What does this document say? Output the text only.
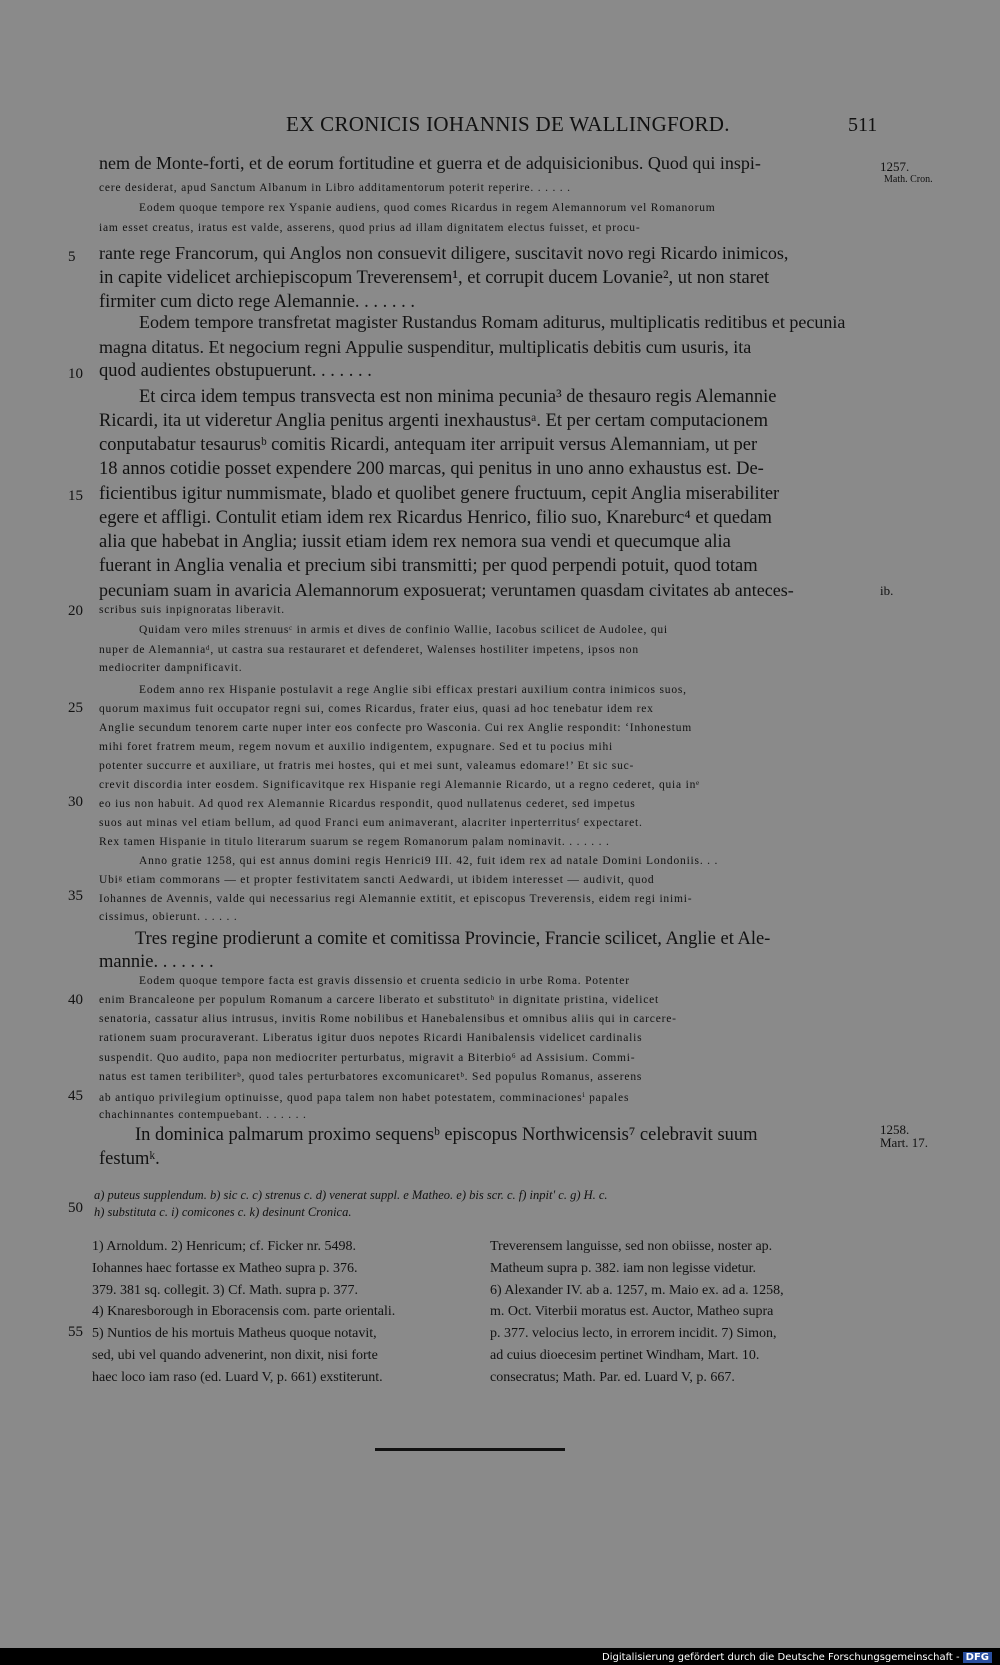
EX CRONICIS IOHANNIS DE WALLINGFORD.	511
nem de Monte-forti, et de eorum fortitudine et guerra et de adquisicionibus. Quod qui inspi-
cere desiderat, apud Sanctum Albanum in Libro additamentorum poterit reperire. . . . . .
Eodem quoque tempore rex Yspanie audiens, quod comes Ricardus in regem Alemannorum vel Romanorum
iam esset creatus, iratus est valde, asserens, quod prius ad illam dignitatem electus fuisset, et procu-
rante rege Francorum, qui Anglos non consuevit diligere, suscitavit novo regi Ricardo inimicos,
in capite videlicet archiepiscopum Treverensem¹, et corrupit ducem Lovanie², ut non staret
firmiter cum dicto rege Alemannie. . . . . . .
Eodem tempore transfretat magister Rustandus Romam aditurus, multiplicatis reditibus et pecunia
magna ditatus. Et negocium regni Appulie suspenditur, multiplicatis debitis cum usuris, ita
quod audientes obstupuerunt. . . . . . .
Et circa idem tempus transvecta est non minima pecunia³ de thesauro regis Alemannie
Ricardi, ita ut videretur Anglia penitus argenti inexhaustusᵃ. Et per certam computacionem
conputabatur tesaurusᵇ comitis Ricardi, antequam iter arripuit versus Alemanniam, ut per
18 annos cotidie posset expendere 200 marcas, qui penitus in uno anno exhaustus est. De-
ficientibus igitur nummismate, blado et quolibet genere fructuum, cepit Anglia miserabiliter
egere et affligi. Contulit etiam idem rex Ricardus Henrico, filio suo, Knareburc⁴ et quedam
alia que habebat in Anglia; iussit etiam idem rex nemora sua vendi et quecumque alia
fuerant in Anglia venalia et precium sibi transmitti; per quod perpendi potuit, quod totam
pecuniam suam in avaricia Alemannorum exposuerat; veruntamen quasdam civitates ab anteces-
scribus suis inpignoratas liberavit.
Quidam vero miles strenuusᶜ in armis et dives de confinio Wallie, Iacobus scilicet de Audolee, qui
nuper de Alemanniaᵈ, ut castra sua restauraret et defenderet, Walenses hostiliter impetens, ipsos non
mediocriter dampnificavit.
Eodem anno rex Hispanie postulavit a rege Anglie sibi efficax prestari auxilium contra inimicos suos,
quorum maximus fuit occupator regni sui, comes Ricardus, frater eius, quasi ad hoc tenebatur idem rex
Anglie secundum tenorem carte nuper inter eos confecte pro Wasconia. Cui rex Anglie respondit: ‘Inhonestum
mihi foret fratrem meum, regem novum et auxilio indigentem, expugnare. Sed et tu pocius mihi
potenter succurre et auxiliare, ut fratris mei hostes, qui et mei sunt, valeamus edomare!’ Et sic suc-
crevit discordia inter eosdem. Significavitque rex Hispanie regi Alemannie Ricardo, ut a regno cederet, quia inᵉ
eo ius non habuit. Ad quod rex Alemannie Ricardus respondit, quod nullatenus cederet, sed impetus
suos aut minas vel etiam bellum, ad quod Franci eum animaverant, alacriter inperterritusᶠ expectaret.
Rex tamen Hispanie in titulo literarum suarum se regem Romanorum palam nominavit. . . . . . .
Anno gratie 1258, qui est annus domini regis Henrici9 III. 42, fuit idem rex ad natale Domini Londoniis. . .
Ubiᵍ etiam commorans — et propter festivitatem sancti Aedwardi, ut ibidem interesset — audivit, quod
Iohannes de Avennis, valde qui necessarius regi Alemannie extitit, et episcopus Treverensis, eidem regi inimi-
cissimus, obierunt. . . . . .
Tres regine prodierunt a comite et comitissa Provincie, Francie scilicet, Anglie et Ale-
mannie. . . . . . .
Eodem quoque tempore facta est gravis dissensio et cruenta sedicio in urbe Roma. Potenter
enim Brancaleone per populum Romanum a carcere liberato et substitutoʰ in dignitate pristina, videlicet
senatoria, cassatur alius intrusus, invitis Rome nobilibus et Hanebalensibus et omnibus aliis qui in carcere-
rationem suam procuraverant. Liberatus igitur duos nepotes Ricardi Hanibalensis videlicet cardinalis
suspendit. Quo audito, papa non mediocriter perturbatus, migravit a Biterbio⁶ ad Assisium. Commi-
natus est tamen teribiliterᵇ, quod tales perturbatores excomunicaretᵇ. Sed populus Romanus, asserens
ab antiquo privilegium optinuisse, quod papa talem non habet potestatem, comminacionesⁱ papales
chachinnantes contempuebant. . . . . . .
In dominica palmarum proximo sequensᵇ episcopus Northwicensis⁷ celebravit suum
festumᵏ.
5
10
15
20
25
30
35
40
45
50
55
1257.
Math. Cron.
ib.
1258.
Mart. 17.
a) puteus supplendum. b) sic c. c) strenus c. d) venerat suppl. e Matheo. e) bis scr. c. f) inpit' c. g) H. c.
h) substituta c. i) comicones c. k) desinunt Cronica.
1) Arnoldum. 2) Henricum; cf. Ficker nr. 5498.
Iohannes haec fortasse ex Matheo supra p. 376.
379. 381 sq. collegit. 3) Cf. Math. supra p. 377.
4) Knaresborough in Eboracensis com. parte orientali.
5) Nuntios de his mortuis Matheus quoque notavit,
sed, ubi vel quando advenerint, non dixit, nisi forte
haec loco iam raso (ed. Luard V, p. 661) exstiterunt.
Treverensem languisse, sed non obiisse, noster ap.
Matheum supra p. 382. iam non legisse videtur.
6) Alexander IV. ab a. 1257, m. Maio ex. ad a. 1258,
m. Oct. Viterbii moratus est. Auctor, Matheo supra
p. 377. velocius lecto, in errorem incidit. 7) Simon,
ad cuius dioecesim pertinet Windham, Mart. 10.
consecratus; Math. Par. ed. Luard V, p. 667.
Digitalisierung gefördert durch die Deutsche Forschungsgemeinschaft - DFG
